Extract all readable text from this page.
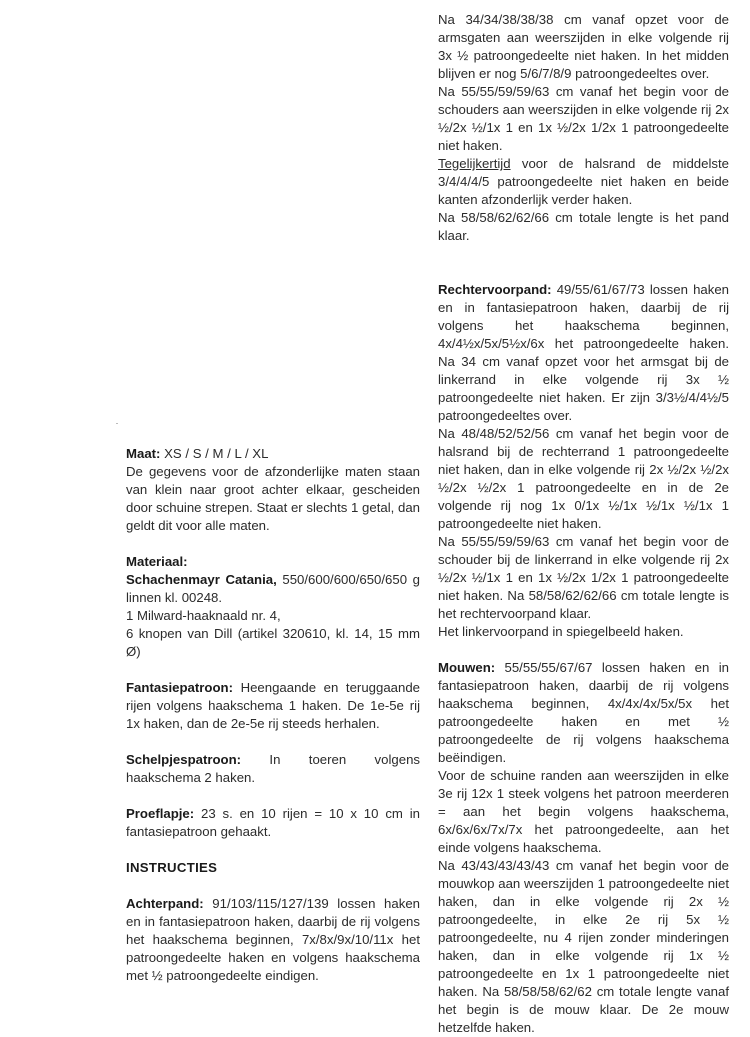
Maat: XS / S / M / L / XL

De gegevens voor de afzonderlijke maten staan van klein naar groot achter elkaar, gescheiden door schuine strepen. Staat er slechts 1 getal, dan geldt dit voor alle maten.

Materiaal:

Schachenmayr Catania, 550/600/600/650/650 g linnen kl. 00248.

1 Milward-haaknaald nr. 4,

6 knopen van Dill (artikel 320610, kl. 14, 15 mm Ø)

Fantasiepatroon: Heengaande en teruggaande rijen volgens haakschema 1 haken. De 1e-5e rij 1x haken, dan de 2e-5e rij steeds herhalen.

Schelpjespatroon: In toeren volgens haakschema 2 haken.

Proeflapje: 23 s. en 10 rijen = 10 x 10 cm in fantasiepatroon gehaakt.

INSTRUCTIES

Achterpand: 91/103/115/127/139 lossen haken en in fantasiepatroon haken, daarbij de rij volgens het haakschema beginnen, 7x/8x/9x/10/11x het patroongedeelte haken en volgens haakschema met ½ patroongedeelte eindigen.

Na 34/34/38/38/38 cm vanaf opzet voor de armsgaten aan weerszijden in elke volgende rij 3x ½ patroongedeelte niet haken. In het midden blijven er nog 5/6/7/8/9 patroongedeeltes over.

Na 55/55/59/59/63 cm vanaf het begin voor de schouders aan weerszijden in elke volgende rij 2x ½/2x ½/1x 1 en 1x ½/2x 1/2x 1 patroongedeelte niet haken.

Tegelijkertijd voor de halsrand de middelste 3/4/4/4/5 patroongedeelte niet haken en beide kanten afzonderlijk verder haken.

Na 58/58/62/62/66 cm totale lengte is het pand klaar.

Rechtervoorpand: 49/55/61/67/73 lossen haken en in fantasiepatroon haken, daarbij de rij volgens het haakschema beginnen, 4x/4½x/5x/5½x/6x het patroongedeelte haken. Na 34 cm vanaf opzet voor het armsgat bij de linkerrand in elke volgende rij 3x ½ patroongedeelte niet haken. Er zijn 3/3½/4/4½/5 patroongedeeltes over.

Na 48/48/52/52/56 cm vanaf het begin voor de halsrand bij de rechterrand 1 patroongedeelte niet haken, dan in elke volgende rij 2x ½/2x ½/2x ½/2x ½/2x 1 patroongedeelte en in de 2e volgende rij nog 1x 0/1x ½/1x ½/1x ½/1x 1 patroongedeelte niet haken.

Na 55/55/59/59/63 cm vanaf het begin voor de schouder bij de linkerrand in elke volgende rij 2x ½/2x ½/1x 1 en 1x ½/2x 1/2x 1 patroongedeelte niet haken. Na 58/58/62/62/66 cm totale lengte is het rechtervoorpand klaar.

Het linkervoorpand in spiegelbeeld haken.

Mouwen: 55/55/55/67/67 lossen haken en in fantasiepatroon haken, daarbij de rij volgens haakschema beginnen, 4x/4x/4x/5x/5x het patroongedeelte haken en met ½ patroongedeelte de rij volgens haakschema beëindigen.

Voor de schuine randen aan weerszijden in elke 3e rij 12x 1 steek volgens het patroon meerderen = aan het begin volgens haakschema, 6x/6x/6x/7x/7x het patroongedeelte, aan het einde volgens haakschema.

Na 43/43/43/43/43 cm vanaf het begin voor de mouwkop aan weerszijden 1 patroongedeelte niet haken, dan in elke volgende rij 2x ½ patroongedeelte, in elke 2e rij 5x ½ patroongedeelte, nu 4 rijen zonder minderingen haken, dan in elke volgende rij 1x ½ patroongedeelte en 1x 1 patroongedeelte niet haken. Na 58/58/58/62/62 cm totale lengte vanaf het begin is de mouw klaar. De 2e mouw hetzelfde haken.
